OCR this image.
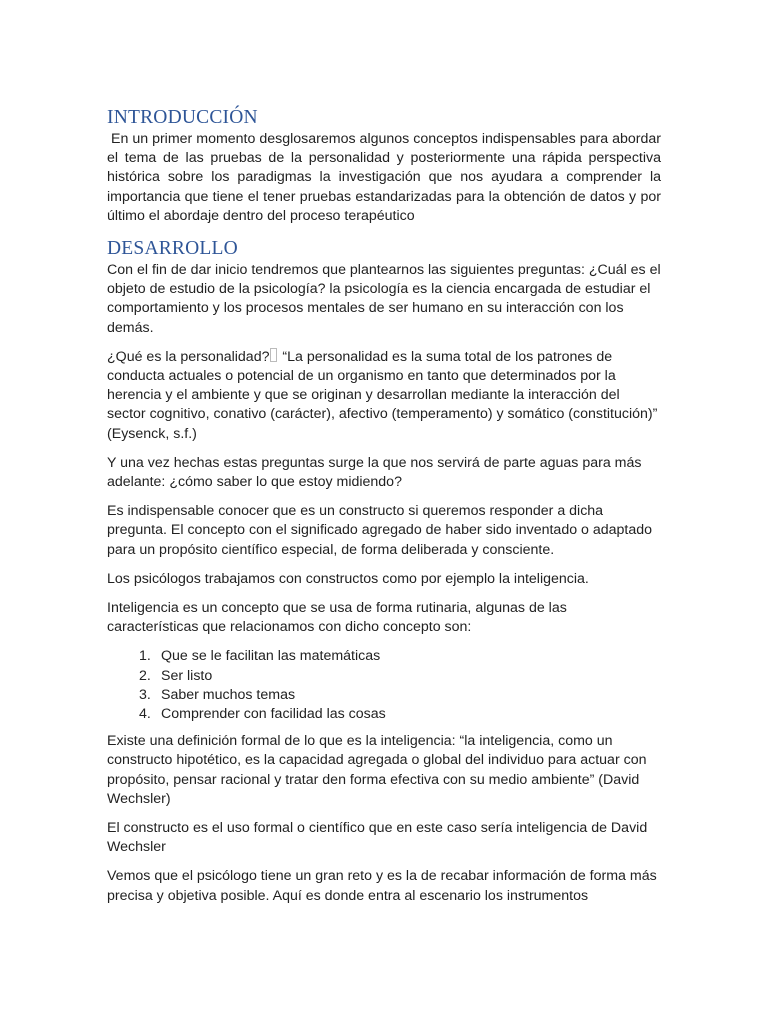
INTRODUCCIÓN

En un primer momento desglosaremos algunos conceptos indispensables para abordar el tema de las pruebas de la personalidad y posteriormente una rápida perspectiva histórica sobre los paradigmas la investigación que nos ayudara a comprender la importancia que tiene el tener pruebas estandarizadas para la obtención de datos y por último el abordaje dentro del proceso terapéutico

DESARROLLO

Con el fin de dar inicio tendremos que plantearnos las siguientes preguntas: ¿Cuál es el objeto de estudio de la psicología? la psicología es la ciencia encargada de estudiar el comportamiento y los procesos mentales de ser humano en su interacción con los demás.

¿Qué es la personalidad? “La personalidad es la suma total de los patrones de conducta actuales o potencial de un organismo en tanto que determinados por la herencia y el ambiente y que se originan y desarrollan mediante la interacción del sector cognitivo, conativo (carácter), afectivo (temperamento) y somático (constitución)” (Eysenck, s.f.)

Y una vez hechas estas preguntas surge la que nos servirá de parte aguas para más adelante: ¿cómo saber lo que estoy midiendo?

Es indispensable conocer que es un constructo si queremos responder a dicha pregunta. El concepto con el significado agregado de haber sido inventado o adaptado para un propósito científico especial, de forma deliberada y consciente.

Los psicólogos trabajamos con constructos como por ejemplo la inteligencia.

Inteligencia es un concepto que se usa de forma rutinaria, algunas de las características que relacionamos con dicho concepto son:

1. Que se le facilitan las matemáticas
2. Ser listo
3. Saber muchos temas
4. Comprender con facilidad las cosas

Existe una definición formal de lo que es la inteligencia: “la inteligencia, como un constructo hipotético, es la capacidad agregada o global del individuo para actuar con propósito, pensar racional y tratar den forma efectiva con su medio ambiente” (David Wechsler)

El constructo es el uso formal o científico que en este caso sería inteligencia de David Wechsler

Vemos que el psicólogo tiene un gran reto y es la de recabar información de forma más precisa y objetiva posible. Aquí es donde entra al escenario los instrumentos
